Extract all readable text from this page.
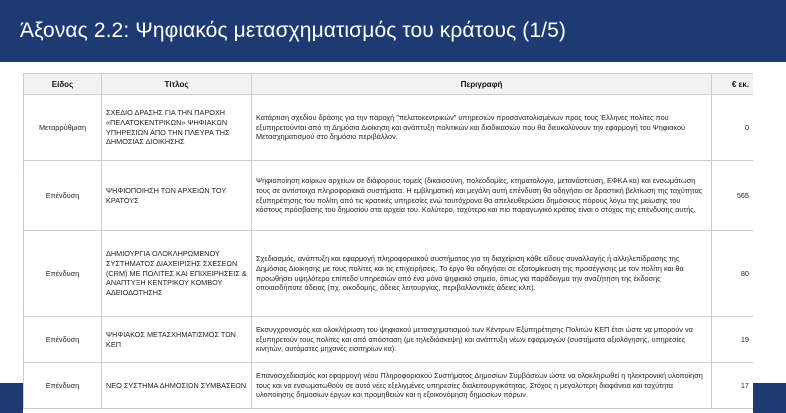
Άξονας 2.2: Ψηφιακός μετασχηματισμός του κράτους (1/5)
Είδος	Τίτλος	Περιγραφή	€ εκ.
Μεταρρύθμιση	ΣΧΕΔΙΟ ΔΡΑΣΗΣ ΓΙΑ ΤΗΝ ΠΑΡΟΧΗ «ΠΕΛΑΤΟΚΕΝΤΡΙΚΩΝ» ΨΗΦΙΑΚΩΝ ΥΠΗΡΕΣΙΩΝ ΑΠΟ ΤΗΝ ΠΛΕΥΡΑ ΤΗΣ ΔΗΜΟΣΙΑΣ ΔΙΟΙΚΗΣΗΣ	Κατάρτιση σχεδίου δράσης για την παροχή "πελατοκεντρικών" υπηρεσιών προσανατολισμένων προς τους Έλληνες πολίτες που εξυπηρετούνται από τη Δημόσια Διοίκηση και ανάπτυξη πολιτικών και διαδικασιών που θα διευκολύνουν την εφαρμογή του Ψηφιακού Μετασχηματισμού στο δημόσιο περιβάλλον.	0
Επένδυση	ΨΗΦΙΟΠΟΙΗΣΗ ΤΩΝ ΑΡΧΕΙΩΝ ΤΟΥ ΚΡΑΤΟΥΣ	Ψηφιοποίηση καίριων αρχείων σε διάφορους τομείς (δικαιοσύνη, πολεοδομίες, κτηματολόγιο, μετανάστευση, ΕΦΚΑ κα) και ενσωμάτωση τους σε αντίστοιχα πληροφοριακά συστήματα. Η εμβληματική και μεγάλη αυτή επένδυση θα οδηγήσει σε δραστική βελτίωση της ταχύτητας εξυπηρέτησης του πολίτη από τις κρατικές υπηρεσίες ενώ ταυτόχρονα θα απελευθερώσει δημόσιους πόρους λόγω της μείωσης του κόστους πρόσβασης του δημοσίου στα αρχεία του. Καλύτερο, ταχύτερο και πιο παραγωγικό κράτος είναι ο στόχος της επένδυσης αυτής.	565
Επένδυση	ΔΗΜΙΟΥΡΓΙΑ ΟΛΟΚΛΗΡΩΜΕΝΟΥ ΣΥΣΤΗΜΑΤΟΣ ΔΙΑΧΕΙΡΙΣΗΣ ΣΧΕΣΕΩΝ (CRM) ΜΕ ΠΟΛΙΤΕΣ ΚΑΙ ΕΠΙΧΕΙΡΗΣΕΙΣ & ΑΝΑΠΤΥΞΗ ΚΕΝΤΡΙΚΟΥ ΚΟΜΒΟΥ ΑΔΕΙΟΔΟΤΗΣΗΣ	Σχεδιασμός, ανάπτυξη και εφαρμογή πληροφοριακού συστήματος για τη διαχείριση κάθε είδους συναλλαγής ή αλληλεπίδρασης της Δημόσιας Διοίκησης με τους πολίτες και τις επιχειρήσεις. Το έργο θα οδηγήσει σε εξατομίκευση της προσέγγισης με τον πολίτη και θα προωθήσει υψηλότερο επίπεδο υπηρεσιών από ένα μόνο ψηφιακό σημείο, όπως για παράδειγμα την αναζήτηση της έκδοσης οποιασδήποτε άδειας (πχ. οικοδομής, άδειες λειτουργίας, περιβαλλοντικές άδειες κλπ).	80
Επένδυση	ΨΗΦΙΑΚΟΣ ΜΕΤΑΣΧΗΜΑΤΙΣΜΟΣ ΤΩΝ ΚΕΠ	Εκσυγχρονισμός και ολοκλήρωση του ψηφιακού μετασχηματισμού των Κέντρων Εξυπηρέτησης Πολιτών ΚΕΠ έτσι ώστε να μπορούν να εξυπηρετούν τους πολίτες και από απόσταση (με τηλεδιάσκεψη) και ανάπτυξη νέων εφαρμογών (συστήματα αξιολόγησης, υπηρεσίες κινητών, αυτόματες μηχανές εισιτηρίων κα).	19
Επένδυση	ΝΕΟ ΣΥΣΤΗΜΑ ΔΗΜΟΣΙΩΝ ΣΥΜΒΑΣΕΩΝ	Επανασχεδιασμός και εφαρμογή νέου Πληροφοριακού Συστήματος Δημοσίων Συμβάσεων ώστε να ολοκληρωθεί η ηλεκτρονική υλοποίηση τους και να ενσωματωθούν σε αυτό νέες εξελιγμένες υπηρεσίες διαλειτουργικότητας. Στόχος η μεγαλύτερη διαφάνεια και ταχύτητα υλοποίησης δημοσίων έργων και προμηθειών και η εξοικονόμηση δημοσίων πόρων.	17
